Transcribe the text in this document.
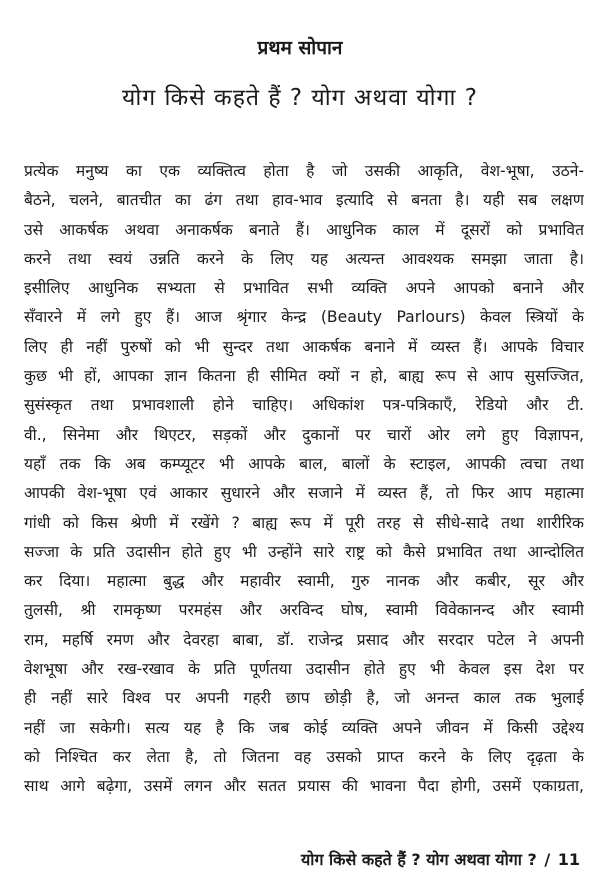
प्रथम सोपान
योग किसे कहते हैं ? योग अथवा योगा ?
प्रत्येक मनुष्य का एक व्यक्तित्व होता है जो उसकी आकृति, वेश-भूषा, उठने-
बैठने, चलने, बातचीत का ढंग तथा हाव-भाव इत्यादि से बनता है। यही सब लक्षण
उसे आकर्षक अथवा अनाकर्षक बनाते हैं। आधुनिक काल में दूसरों को प्रभावित
करने तथा स्वयं उन्नति करने के लिए यह अत्यन्त आवश्यक समझा जाता है।
इसीलिए आधुनिक सभ्यता से प्रभावित सभी व्यक्ति अपने आपको बनाने और
सँवारने में लगे हुए हैं। आज श्रृंगार केन्द्र (Beauty Parlours) केवल स्त्रियों के
लिए ही नहीं पुरुषों को भी सुन्दर तथा आकर्षक बनाने में व्यस्त हैं। आपके विचार
कुछ भी हों, आपका ज्ञान कितना ही सीमित क्यों न हो, बाह्य रूप से आप सुसज्जित,
सुसंस्कृत तथा प्रभावशाली होने चाहिए। अधिकांश पत्र-पत्रिकाएँ, रेडियो और टी.
वी., सिनेमा और थिएटर, सड़कों और दुकानों पर चारों ओर लगे हुए विज्ञापन,
यहाँ तक कि अब कम्प्यूटर भी आपके बाल, बालों के स्टाइल, आपकी त्वचा तथा
आपकी वेश-भूषा एवं आकार सुधारने और सजाने में व्यस्त हैं, तो फिर आप महात्मा
गांधी को किस श्रेणी में रखेंगे ? बाह्य रूप में पूरी तरह से सीधे-सादे तथा शारीरिक
सज्जा के प्रति उदासीन होते हुए भी उन्होंने सारे राष्ट्र को कैसे प्रभावित तथा आन्दोलित
कर दिया। महात्मा बुद्ध और महावीर स्वामी, गुरु नानक और कबीर, सूर और
तुलसी, श्री रामकृष्ण परमहंस और अरविन्द घोष, स्वामी विवेकानन्द और स्वामी
राम, महर्षि रमण और देवरहा बाबा, डॉ. राजेन्द्र प्रसाद और सरदार पटेल ने अपनी
वेशभूषा और रख-रखाव के प्रति पूर्णतया उदासीन होते हुए भी केवल इस देश पर
ही नहीं सारे विश्व पर अपनी गहरी छाप छोड़ी है, जो अनन्त काल तक भुलाई
नहीं जा सकेगी। सत्य यह है कि जब कोई व्यक्ति अपने जीवन में किसी उद्देश्य
को निश्चित कर लेता है, तो जितना वह उसको प्राप्त करने के लिए दृढ़ता के
साथ आगे बढ़ेगा, उसमें लगन और सतत प्रयास की भावना पैदा होगी, उसमें एकाग्रता,
योग किसे कहते हैं ? योग अथवा योगा ? / 11
